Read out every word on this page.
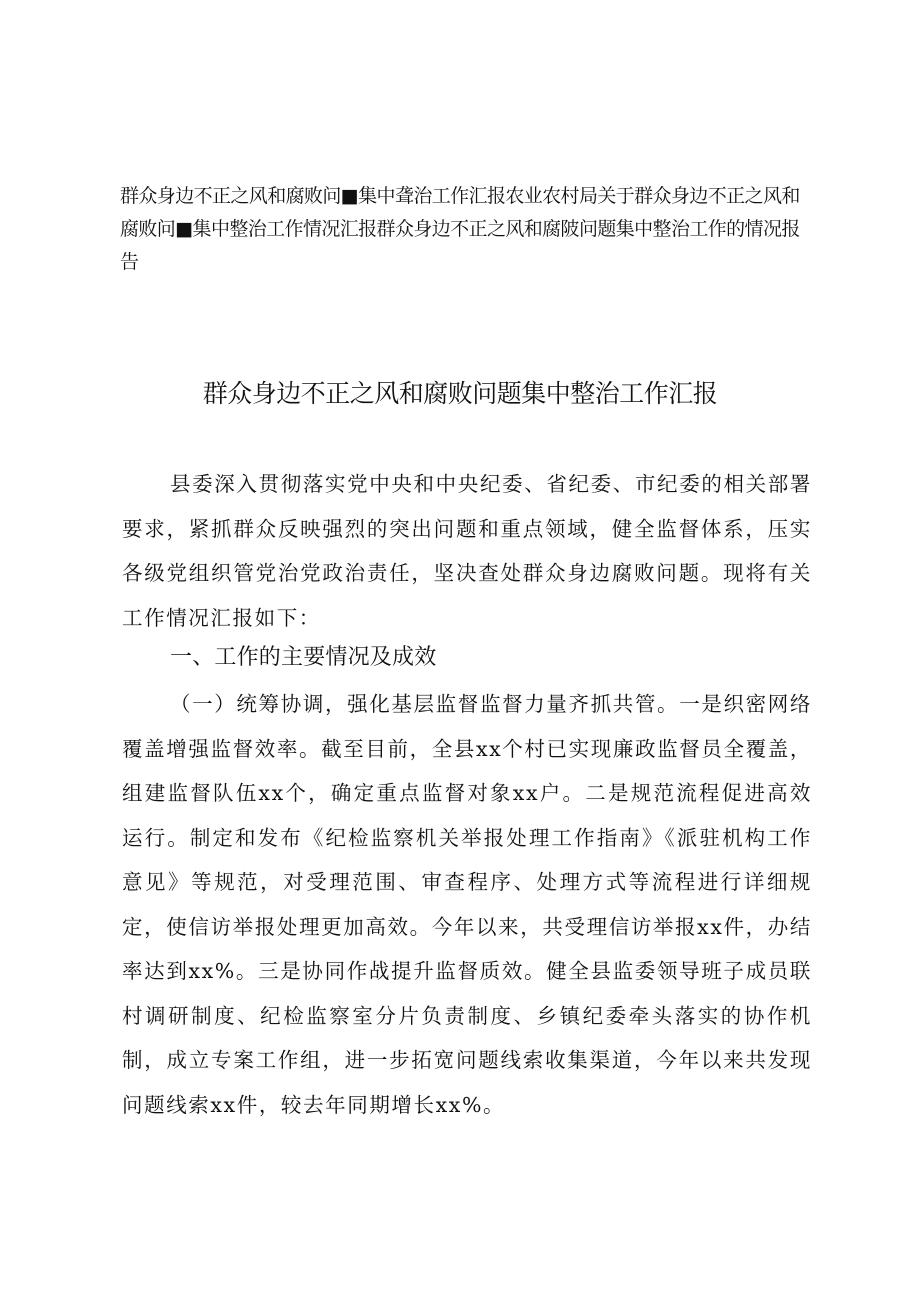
群众身边不正之风和腐败问■集中聋治工作汇报农业农村局关于群众身边不正之风和腐败问■集中整治工作情况汇报群众身边不正之风和腐陂问题集中整治工作的情况报告

群众身边不正之风和腐败问题集中整治工作汇报

县委深入贯彻落实党中央和中央纪委、省纪委、市纪委的相关部署要求，紧抓群众反映强烈的突出问题和重点领域，健全监督体系，压实各级党组织管党治党政治责任，坚决查处群众身边腐败问题。现将有关工作情况汇报如下：

一、工作的主要情况及成效

（一）统筹协调，强化基层监督监督力量齐抓共管。一是织密网络覆盖增强监督效率。截至目前，全县xx个村已实现廉政监督员全覆盖，组建监督队伍xx个，确定重点监督对象xx户。二是规范流程促进高效运行。制定和发布《纪检监察机关举报处理工作指南》《派驻机构工作意见》等规范，对受理范围、审查程序、处理方式等流程进行详细规定，使信访举报处理更加高效。今年以来，共受理信访举报xx件，办结率达到xx%。三是协同作战提升监督质效。健全县监委领导班子成员联村调研制度、纪检监察室分片负责制度、乡镇纪委牵头落实的协作机制，成立专案工作组，进一步拓宽问题线索收集渠道，今年以来共发现问题线索xx件，较去年同期增长xx%。
